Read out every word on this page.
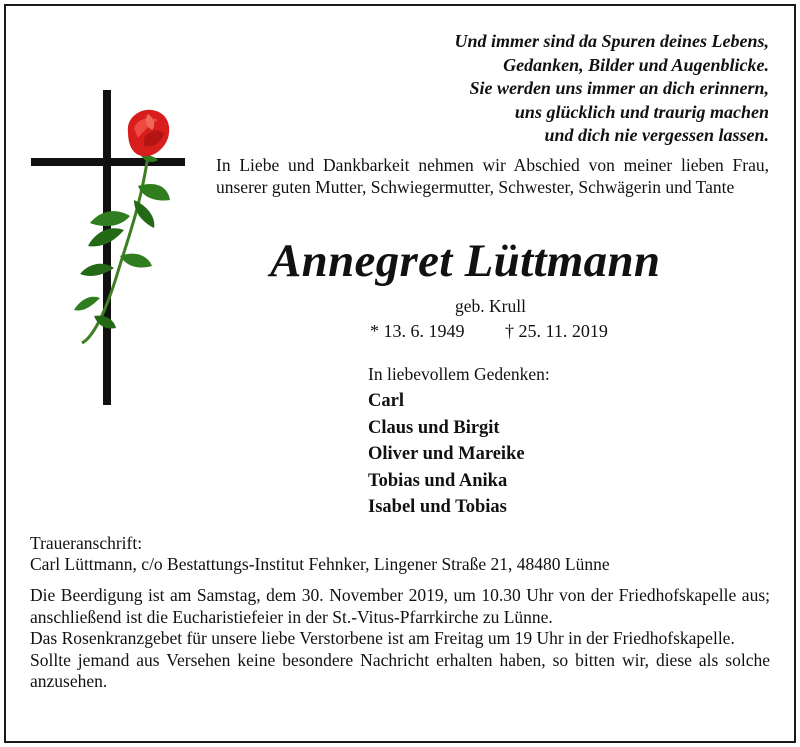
Und immer sind da Spuren deines Lebens,
Gedanken, Bilder und Augenblicke.
Sie werden uns immer an dich erinnern,
uns glücklich und traurig machen
und dich nie vergessen lassen.
In Liebe und Dankbarkeit nehmen wir Abschied von meiner lieben Frau, unserer guten Mutter, Schwiegermutter, Schwester, Schwägerin und Tante
Annegret Lüttmann
geb. Krull
* 13. 6. 1949 † 25. 11. 2019
In liebevollem Gedenken:
Carl
Claus und Birgit
Oliver und Mareike
Tobias und Anika
Isabel und Tobias
Traueranschrift:
Carl Lüttmann, c/o Bestattungs-Institut Fehnker, Lingener Straße 21, 48480 Lünne

Die Beerdigung ist am Samstag, dem 30. November 2019, um 10.30 Uhr von der Friedhofskapelle aus; anschließend ist die Eucharistiefeier in der St.-Vitus-Pfarrkirche zu Lünne.

Das Rosenkranzgebet für unsere liebe Verstorbene ist am Freitag um 19 Uhr in der Friedhofskapelle.

Sollte jemand aus Versehen keine besondere Nachricht erhalten haben, so bitten wir, diese als solche anzusehen.
